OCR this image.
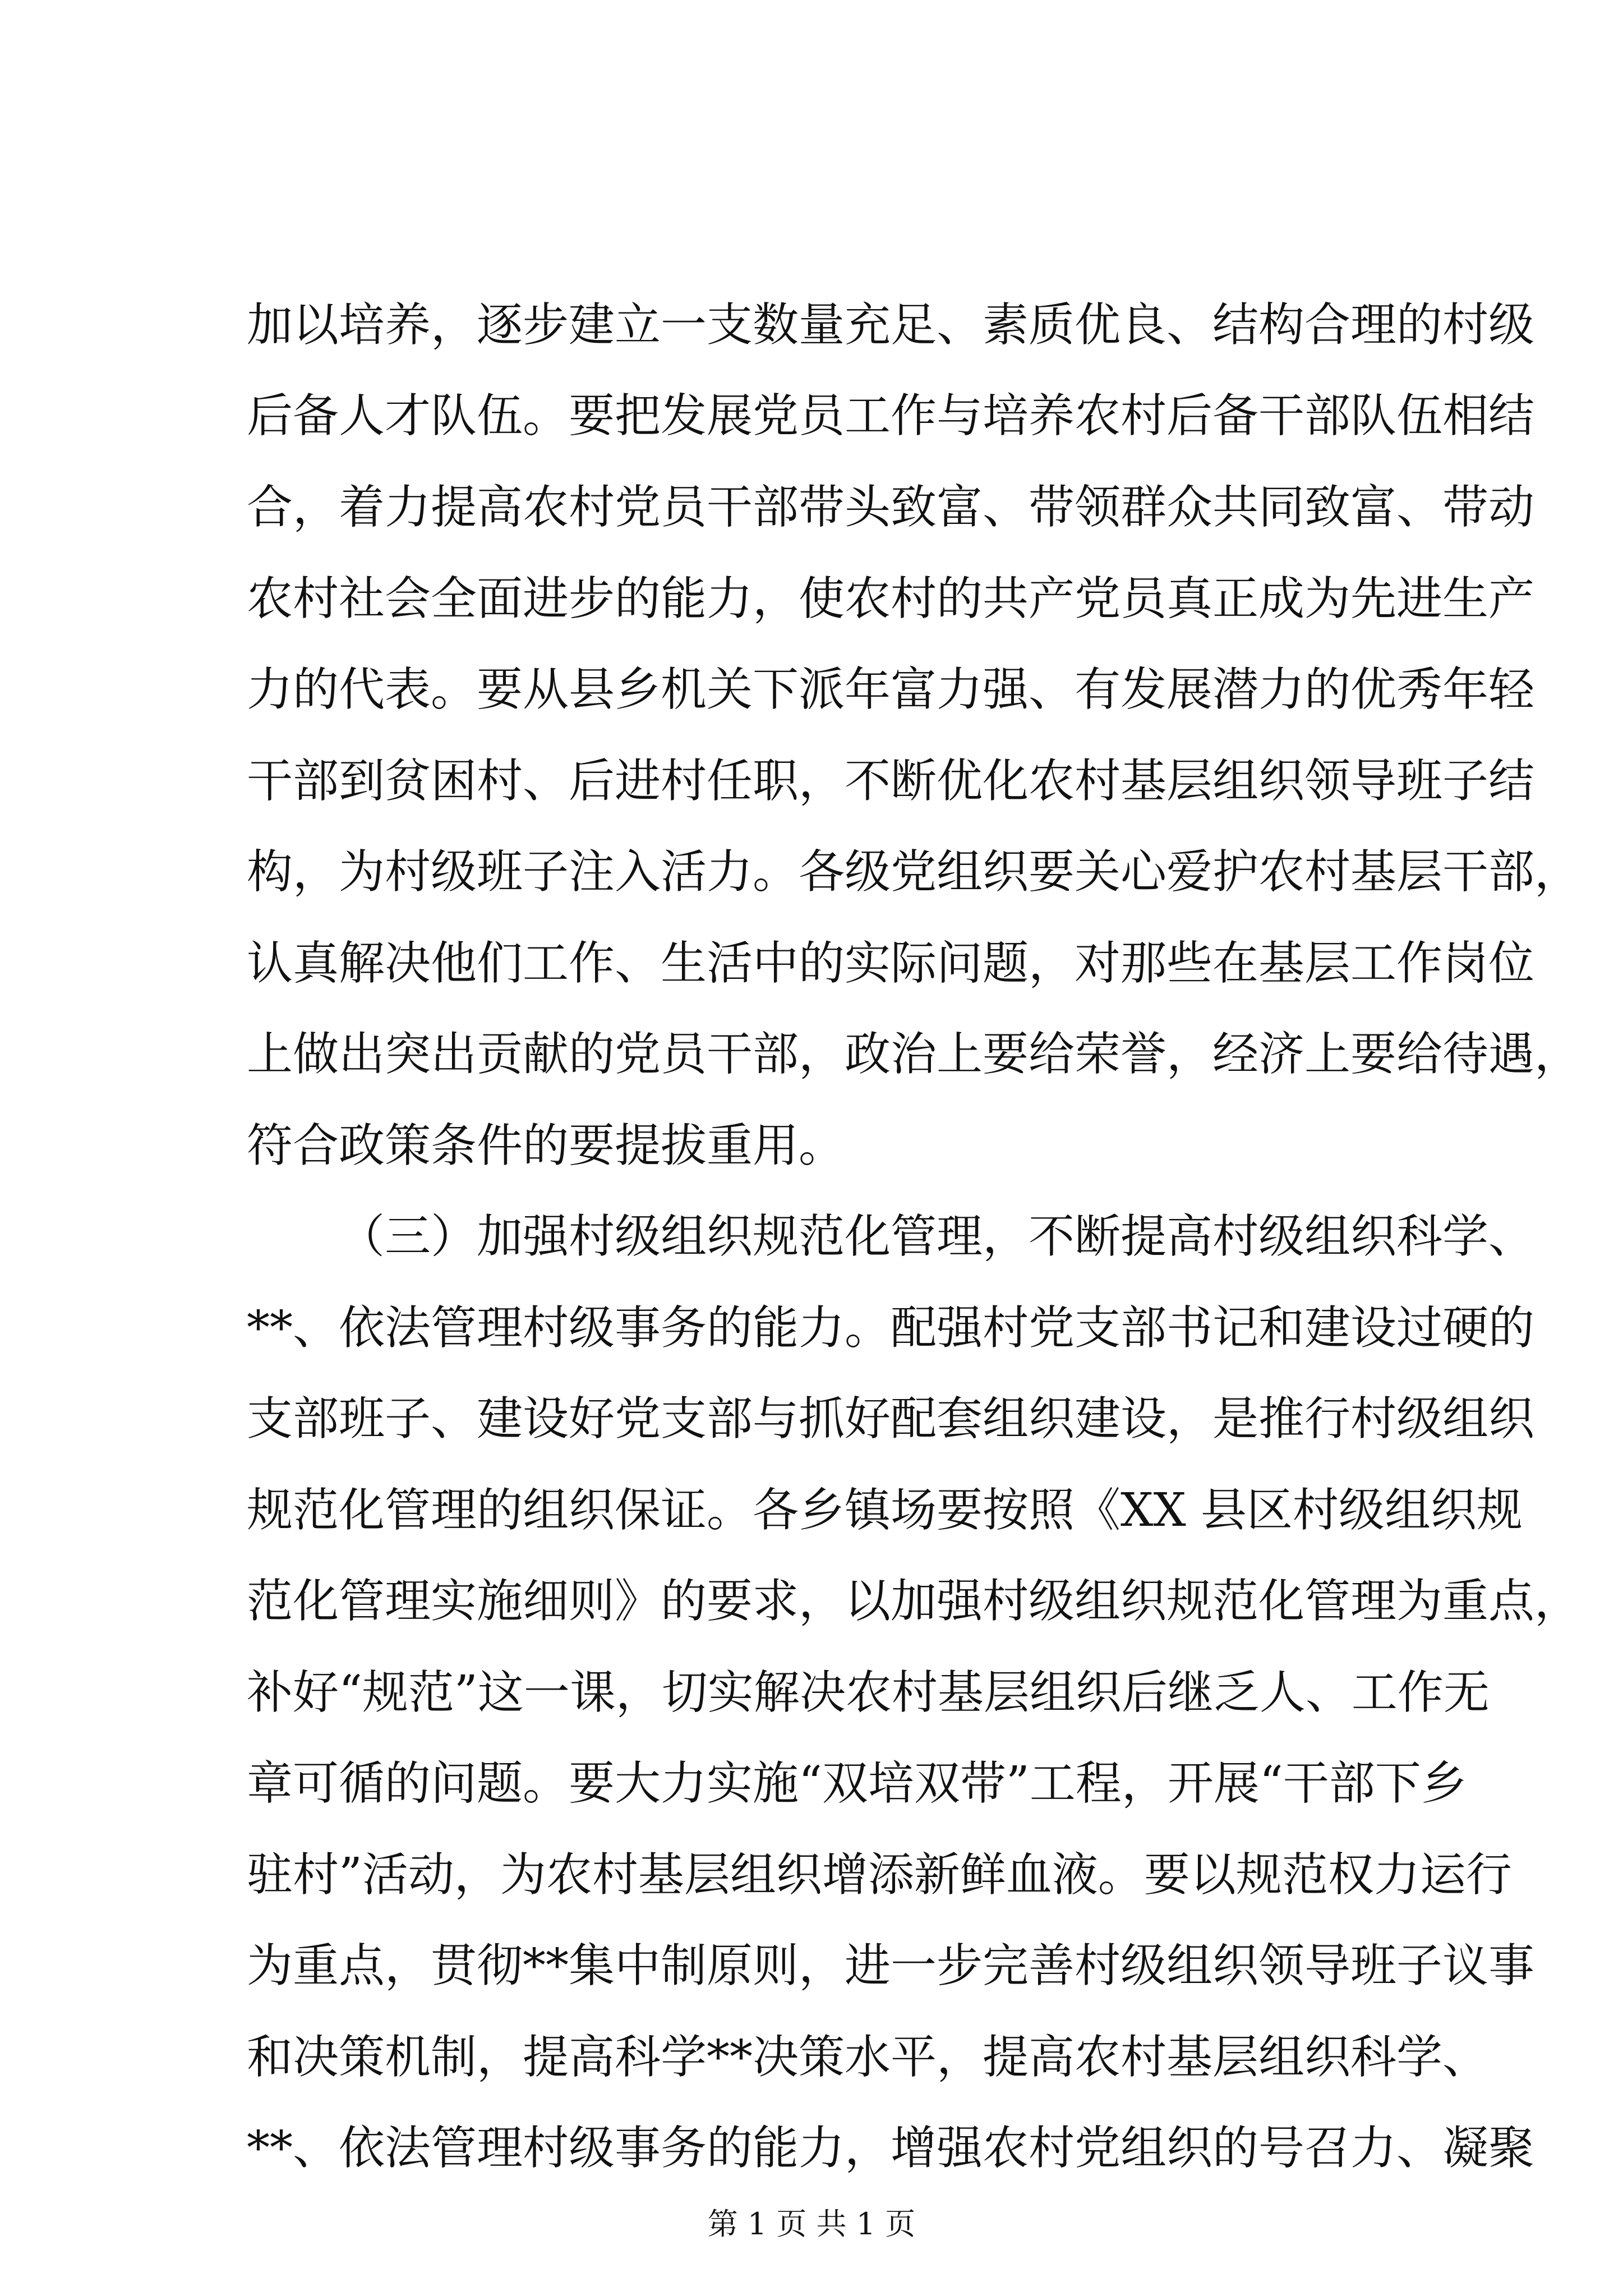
加以培养，逐步建立一支数量充足、素质优良、结构合理的村级
后备人才队伍。要把发展党员工作与培养农村后备干部队伍相结
合，着力提高农村党员干部带头致富、带领群众共同致富、带动
农村社会全面进步的能力，使农村的共产党员真正成为先进生产
力的代表。要从县乡机关下派年富力强、有发展潜力的优秀年轻
干部到贫困村、后进村任职，不断优化农村基层组织领导班子结
构，为村级班子注入活力。各级党组织要关心爱护农村基层干部，
认真解决他们工作、生活中的实际问题，对那些在基层工作岗位
上做出突出贡献的党员干部，政治上要给荣誉，经济上要给待遇，
符合政策条件的要提拔重用。
（三）加强村级组织规范化管理，不断提高村级组织科学、
**、依法管理村级事务的能力。配强村党支部书记和建设过硬的
支部班子、建设好党支部与抓好配套组织建设，是推行村级组织
规范化管理的组织保证。各乡镇场要按照《XX 县区村级组织规
范化管理实施细则》的要求，以加强村级组织规范化管理为重点，
补好“规范”这一课，切实解决农村基层组织后继乏人、工作无
章可循的问题。要大力实施“双培双带”工程，开展“干部下乡
驻村”活动，为农村基层组织增添新鲜血液。要以规范权力运行
为重点，贯彻**集中制原则，进一步完善村级组织领导班子议事
和决策机制，提高科学**决策水平，提高农村基层组织科学、
**、依法管理村级事务的能力，增强农村党组织的号召力、凝聚
第 1 页 共 1 页
